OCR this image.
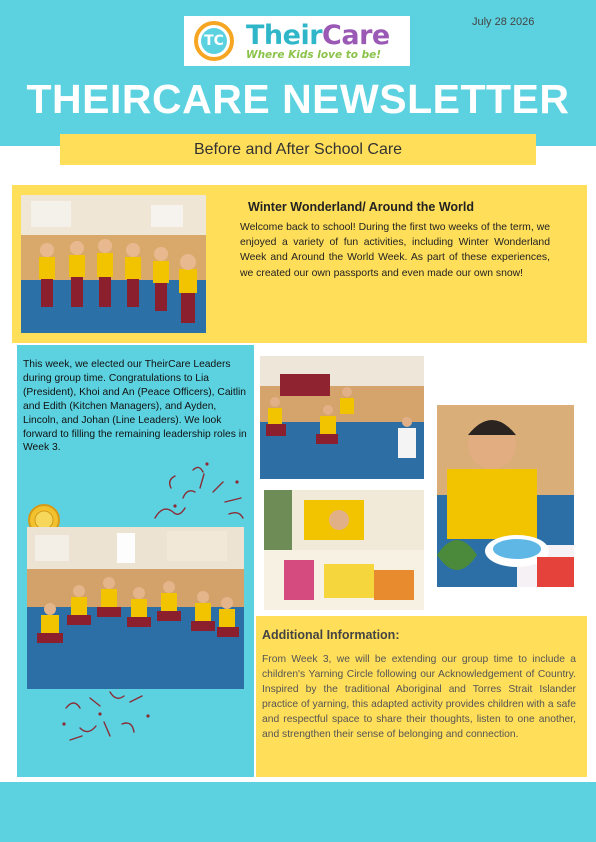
TC TheirCare
Where Kids love to be!
July 28 2026
THEIRCARE NEWSLETTER
Before and After School Care
Winter Wonderland/ Around the World
Welcome back to school! During the first two weeks of the term, we enjoyed a variety of fun activities, including Winter Wonderland Week and Around the World Week. As part of these experiences, we created our own passports and even made our own snow!
This week, we elected our TheirCare Leaders during group time. Congratulations to Lia (President), Khoi and An (Peace Officers), Caitlin and Edith (Kitchen Managers), and Ayden, Lincoln, and Johan (Line Leaders). We look forward to filling the remaining leadership roles in Week 3.
Additional Information:
From Week 3, we will be extending our group time to include a children's Yarning Circle following our Acknowledgement of Country. Inspired by the traditional Aboriginal and Torres Strait Islander practice of yarning, this adapted activity provides children with a safe and respectful space to share their thoughts, listen to one another, and strengthen their sense of belonging and connection.
